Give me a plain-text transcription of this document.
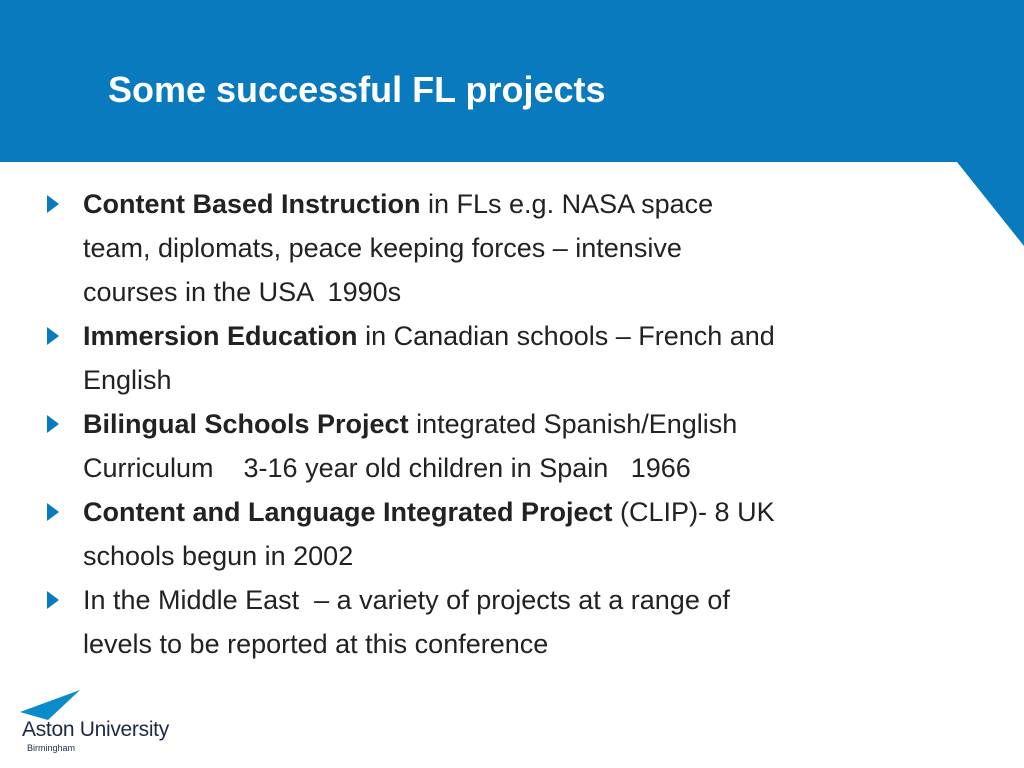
Some successful FL projects
Content Based Instruction in FLs e.g. NASA space
team, diplomats, peace keeping forces – intensive
courses in the USA  1990s
Immersion Education in Canadian schools – French and
English
Bilingual Schools Project integrated Spanish/English
Curriculum    3-16 year old children in Spain   1966
Content and Language Integrated Project (CLIP)- 8 UK
schools begun in 2002
In the Middle East  – a variety of projects at a range of
levels to be reported at this conference
Aston University
Birmingham
